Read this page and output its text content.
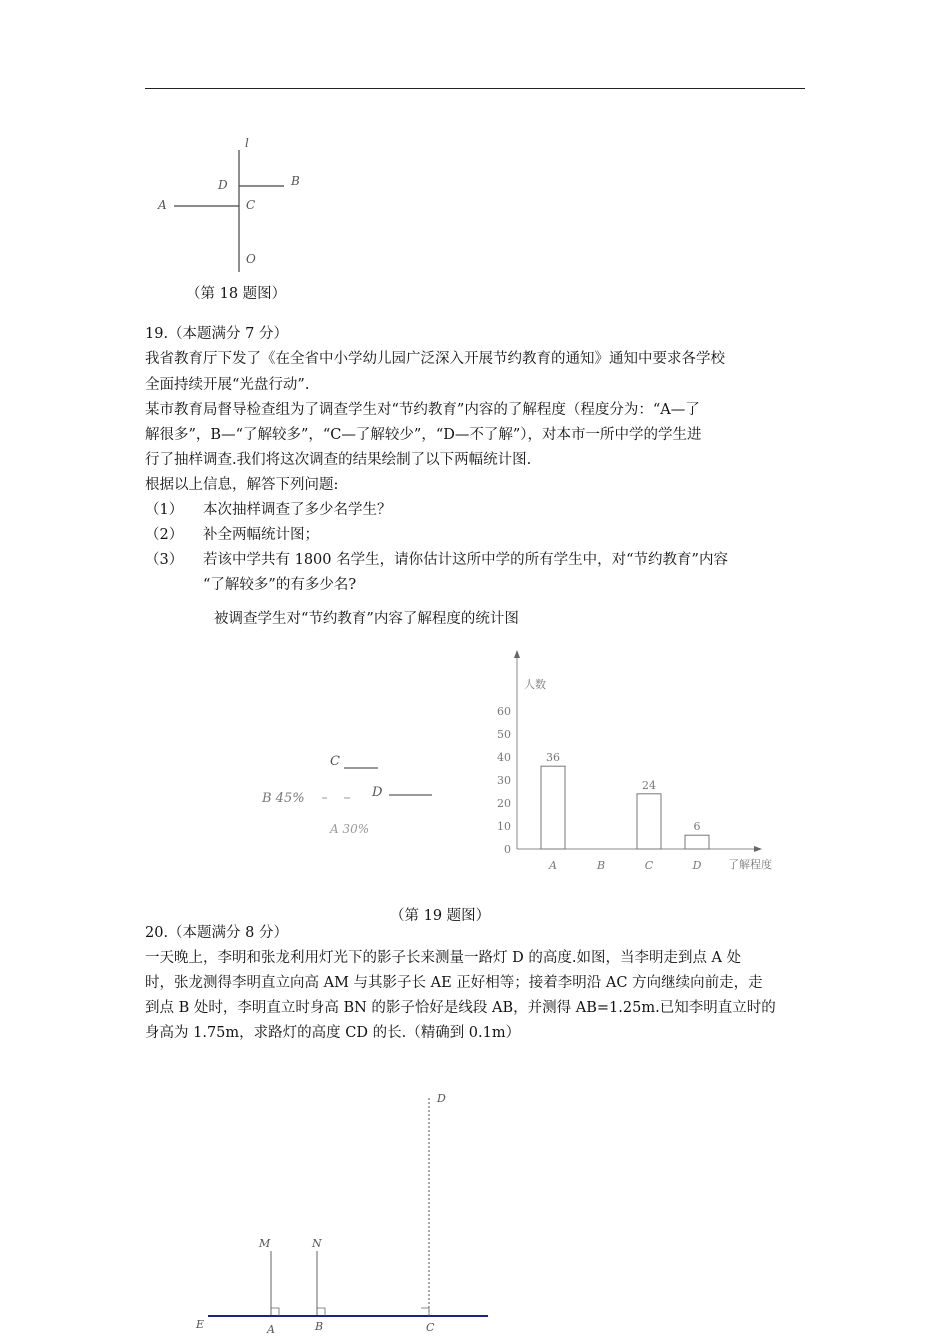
l
D	B
A	C
O
（第 18 题图）
19.（本题满分 7 分）
我省教育厅下发了《在全省中小学幼儿园广泛深入开展节约教育的通知》通知中要求各学校
全面持续开展“光盘行动”.
某市教育局督导检查组为了调查学生对“节约教育”内容的了解程度（程度分为：“A—了
解很多”，B—“了解较多”，“C—了解较少”，“D—不了解”），对本市一所中学的学生进
行了抽样调查.我们将这次调查的结果绘制了以下两幅统计图.
根据以上信息，解答下列问题:
（1） 本次抽样调查了多少名学生？
（2） 补全两幅统计图；
（3） 若该中学共有 1800 名学生，请你估计这所中学的所有学生中，对“节约教育”内容
“了解较多”的有多少名?
被调查学生对“节约教育”内容了解程度的统计图
C
B 45%	D
A 30%
人数
了解程度
0
10
20
30
40
50
60
36
A	B
24
C
6
D
（第 19 题图）
20.（本题满分 8 分）
一天晚上，李明和张龙利用灯光下的影子长来测量一路灯 D 的高度.如图，当李明走到点 A 处
时，张龙测得李明直立向高 AM 与其影子长 AE 正好相等；接着李明沿 AC 方向继续向前走，走
到点 B 处时，李明直立时身高 BN 的影子恰好是线段 AB，并测得 AB=1.25m.已知李明直立时的
身高为 1.75m，求路灯的高度 CD 的长.（精确到 0.1m）
D
M	N
E	A	B	C
